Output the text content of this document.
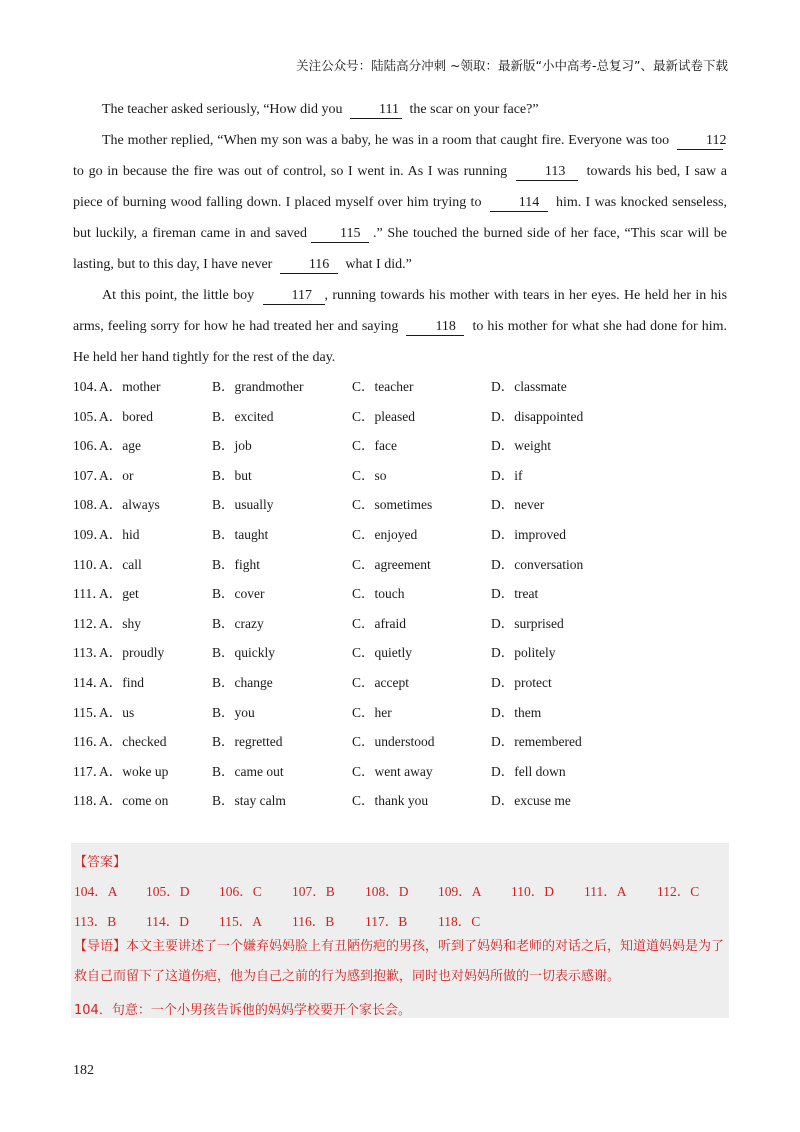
关注公众号：陆陆高分冲刺 ~领取：最新版“小中高考-总复习”、最新试卷下载

The teacher asked seriously, “How did you	111 the scar on your face?”

The mother replied, “When my son was a baby, he was in a room that caught fire. Everyone was too	112 to go in because the fire was out of control, so I went in. As I was running	113 towards his bed, I saw a piece of burning wood falling down. I placed myself over him trying to	114 him. I was knocked senseless, but luckily, a fireman came in and saved 115 .” She touched the burned side of her face, “This scar will be lasting, but to this day, I have never	116 what I did.”

At this point, the little boy	117 , running towards his mother with tears in her eyes. He held her in his arms, feeling sorry for how he had treated her and saying	118 to his mother for what she had done for him. He held her hand tightly for the rest of the day.

104．
A．mother	B．grandmother	C．teacher	D．classmate
105．
A．bored	B．excited	C．pleased	D．disappointed
106．
A．age	B．job	C．face	D．weight
107．
A．or	B．but	C．so	D．if
108．
A．always	B．usually	C．sometimes	D．never
109．
A．hid	B．taught	C．enjoyed	D．improved
110．
A．call	B．fight	C．agreement	D．conversation
111．
A．get	B．cover	C．touch	D．treat
112．
A．shy	B．crazy	C．afraid	D．surprised
113．
A．proudly	B．quickly	C．quietly	D．politely
114．
A．find	B．change	C．accept	D．protect
115．
A．us	B．you	C．her	D．them
116．
A．checked	B．regretted	C．understood	D．remembered
117．
A．woke up	B．came out	C．went away	D．fell down
118．
A．come on	B．stay calm	C．thank you	D．excuse me
【答案】
104．A 105．D 106．C 107．B 108．D 109．A 110．D 111．A 112．C
113．B 114．D 115．A 116．B 117．B 118．C
【导语】本文主要讲述了一个嫌弃妈妈脸上有丑陋伤疤的男孩，听到了妈妈和老师的对话之后，知道道妈妈是为了救自己而留下了这道伤疤，他为自己之前的行为感到抱歉，同时也对妈妈所做的一切表示感谢。
104．句意：一个小男孩告诉他的妈妈学校要开个家长会。
182
